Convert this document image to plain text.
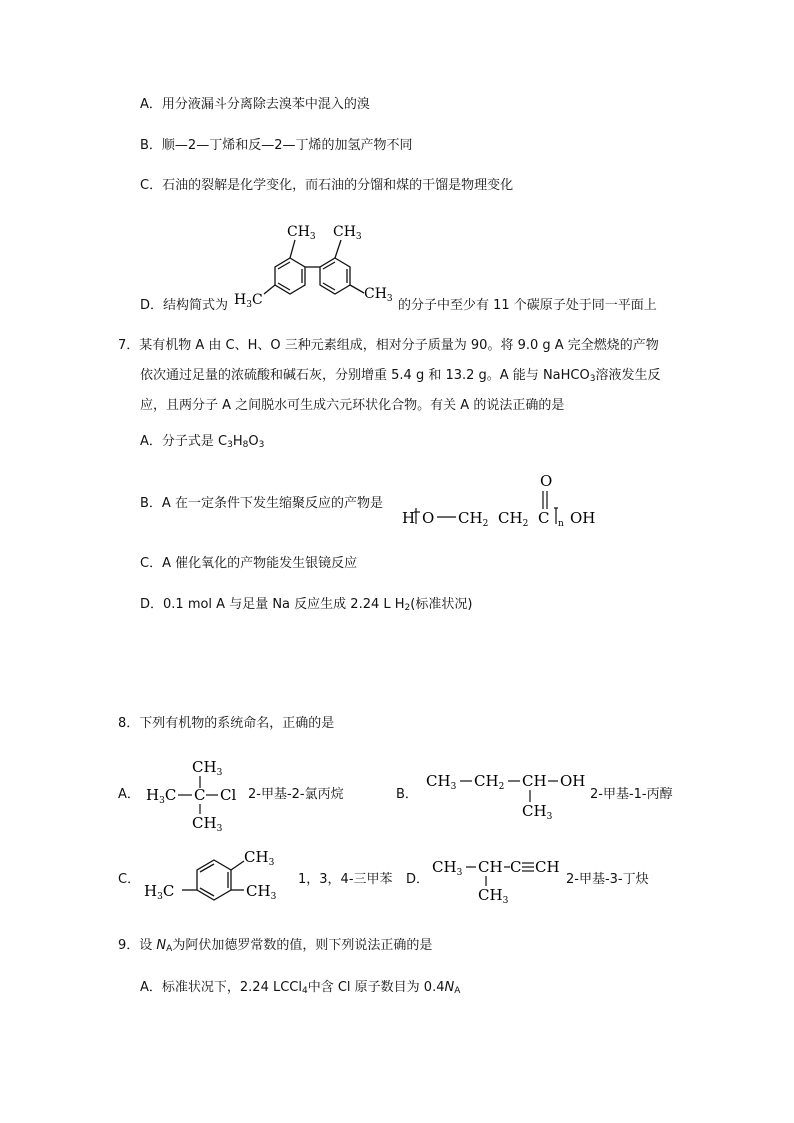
A．用分液漏斗分离除去溴苯中混入的溴
B．顺—2—丁烯和反—2—丁烯的加氢产物不同
C．石油的裂解是化学变化，而石油的分馏和煤的干馏是物理变化
D．结构简式为
$CH_3$ $CH_3$
$H_3C$	$CH_3$ 的分子中至少有 11 个碳原子处于同一平面上
7．某有机物 A 由 C、H、O 三种元素组成，相对分子质量为 90。将 9.0 g A 完全燃烧的产物
依次通过足量的浓硫酸和碱石灰，分别增重 5.4 g 和 13.2 g。A 能与 NaHCO$_3$溶液发生反
应，且两分子 A 之间脱水可生成六元环状化合物。有关 A 的说法正确的是
A．分子式是 $C_3H_8O_3$
B．A 在一定条件下发生缩聚反应的产物是
O
H O $CH_2$ $CH_2$ C n OH
C．A 催化氧化的产物能发生银镜反应
D．0.1 mol A 与足量 Na 反应生成 2.24 L $H_2$(标准状况)
8．下列有机物的系统命名，正确的是
A．
$CH_3$
$H_3C$ C Cl
$CH_3$
2-甲基-2-氯丙烷	B．
$CH_3$ $CH_2$ CH OH
$CH_3$
2-甲基-1-丙醇
C．
$CH_3$
$CH_3$
$H_3C$
1，3，4-三甲苯 D．
$CH_3$ CH C CH
$CH_3$
2-甲基-3-丁炔
9．设 $N_A$为阿伏加德罗常数的值，则下列说法正确的是
A．标准状况下，2.24 LCCl$_4$中含 Cl 原子数目为 $0.4N_A$
